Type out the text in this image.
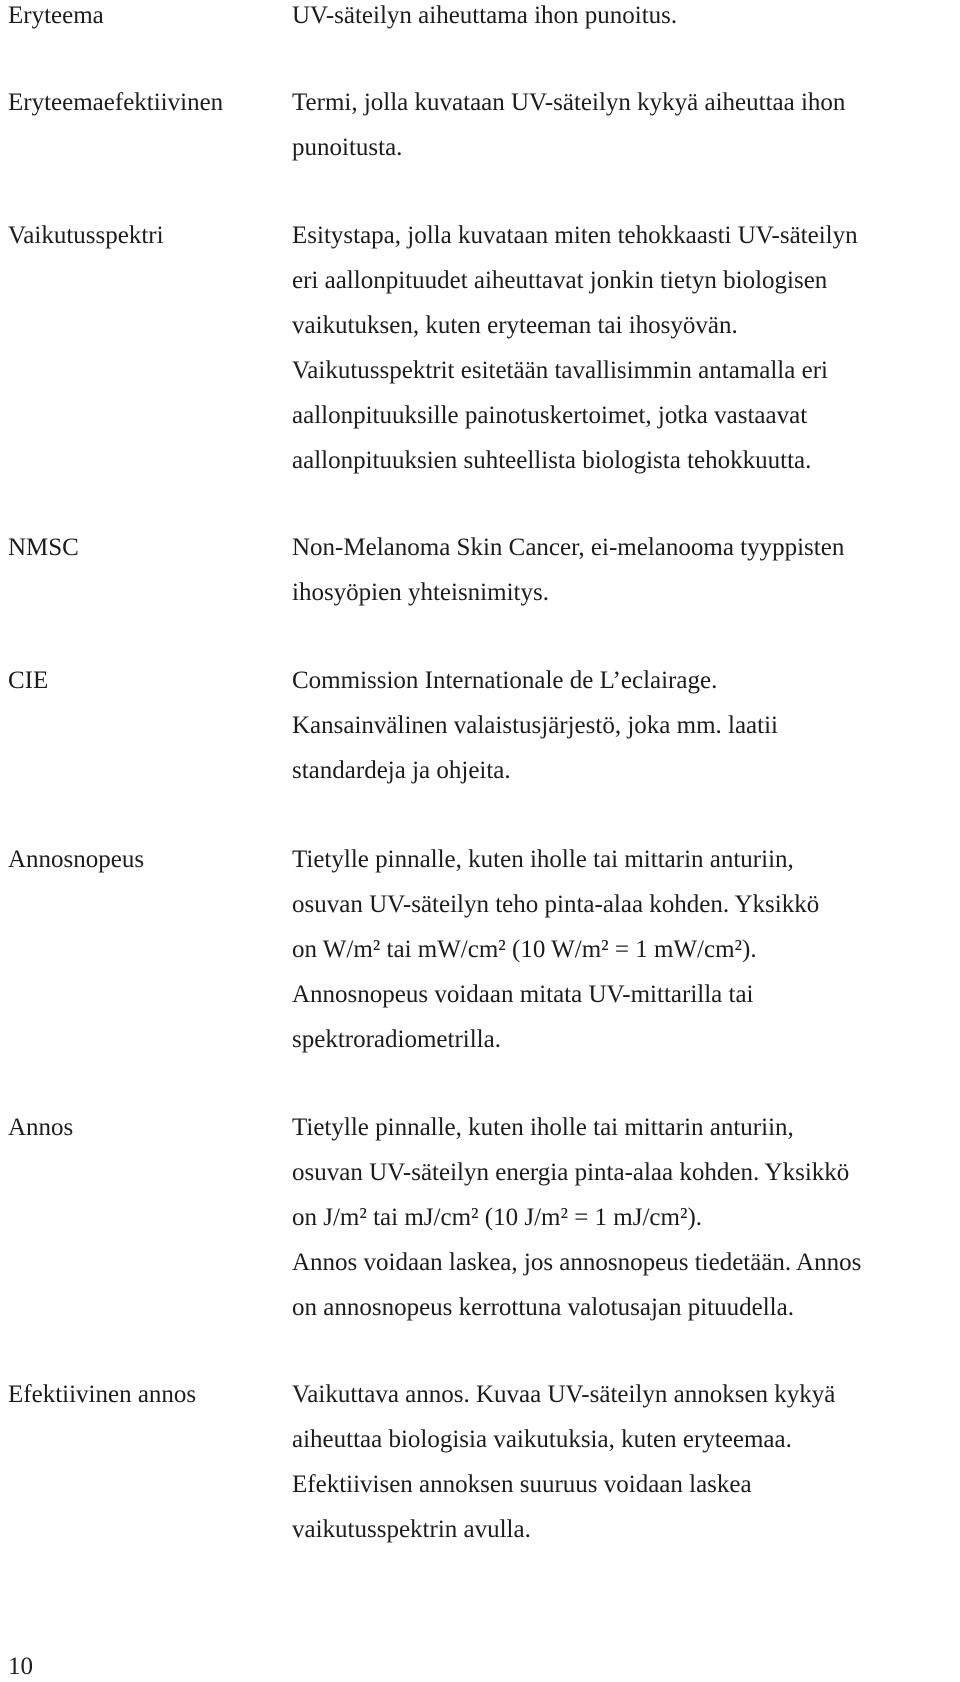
Eryteema	UV-säteilyn aiheuttama ihon punoitus.
Eryteemaefektiivinen	Termi, jolla kuvataan UV-säteilyn kykyä aiheuttaa ihon
punoitusta.
Vaikutusspektri	Esitystapa, jolla kuvataan miten tehokkaasti UV-säteilyn
eri aallonpituudet aiheuttavat jonkin tietyn biologisen
vaikutuksen, kuten eryteeman tai ihosyövän.
Vaikutusspektrit esitetään tavallisimmin antamalla eri
aallonpituuksille painotuskertoimet, jotka vastaavat
aallonpituuksien suhteellista biologista tehokkuutta.
NMSC	Non-Melanoma Skin Cancer, ei-melanooma tyyppisten
ihosyöpien yhteisnimitys.
CIE	Commission Internationale de L’eclairage.
Kansainvälinen valaistusjärjestö, joka mm. laatii
standardeja ja ohjeita.
Annosnopeus	Tietylle pinnalle, kuten iholle tai mittarin anturiin,
osuvan UV-säteilyn teho pinta-alaa kohden. Yksikkö
on W/m² tai mW/cm² (10 W/m² = 1 mW/cm²).
Annosnopeus voidaan mitata UV-mittarilla tai
spektroradiometrilla.
Annos	Tietylle pinnalle, kuten iholle tai mittarin anturiin,
osuvan UV-säteilyn energia pinta-alaa kohden. Yksikkö
on J/m² tai mJ/cm² (10 J/m² = 1 mJ/cm²).
Annos voidaan laskea, jos annosnopeus tiedetään. Annos
on annosnopeus kerrottuna valotusajan pituudella.
Efektiivinen annos	Vaikuttava annos. Kuvaa UV-säteilyn annoksen kykyä
aiheuttaa biologisia vaikutuksia, kuten eryteemaa.
Efektiivisen annoksen suuruus voidaan laskea
vaikutusspektrin avulla.
10
